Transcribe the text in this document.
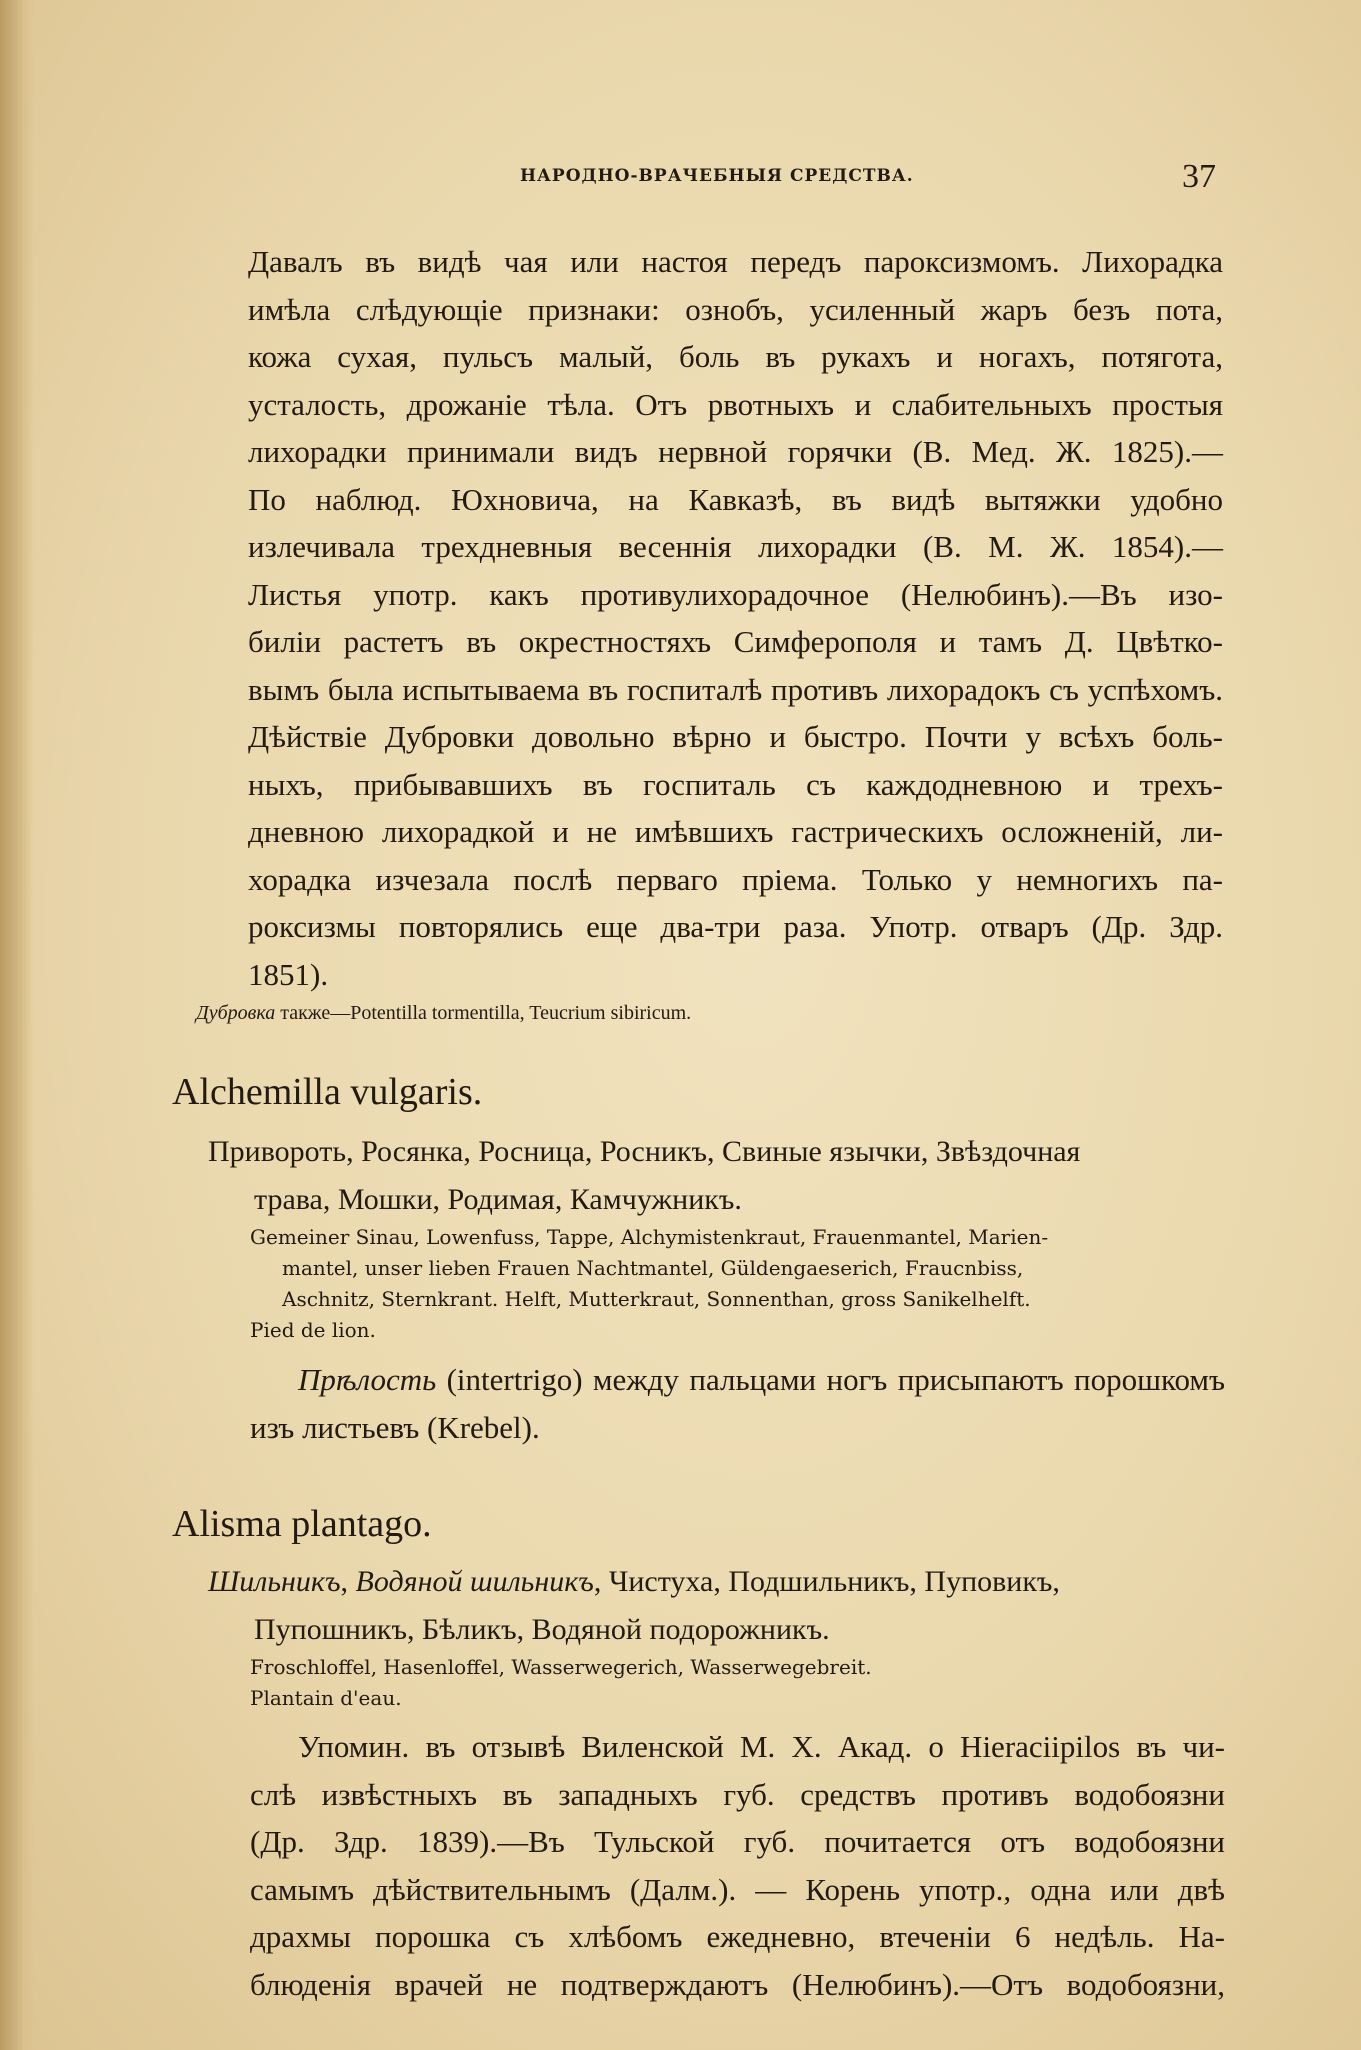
НАРОДНО-ВРАЧЕБНЫЯ СРЕДСТВА.	37
Давалъ въ видѣ чая или настоя передъ пароксизмомъ. Лихорадка
имѣла слѣдующіе признаки: ознобъ, усиленный жаръ безъ пота,
кожа сухая, пульсъ малый, боль въ рукахъ и ногахъ, потягота,
усталость, дрожаніе тѣла. Отъ рвотныхъ и слабительныхъ простыя
лихорадки принимали видъ нервной горячки (В. Мед. Ж. 1825).—
По наблюд. Юхновича, на Кавказѣ, въ видѣ вытяжки удобно
излечивала трехдневныя весеннія лихорадки (В. М. Ж. 1854).—
Листья употр. какъ противулихорадочное (Нелюбинъ).—Въ изо-
биліи растетъ въ окрестностяхъ Симферополя и тамъ Д. Цвѣтко-
вымъ была испытываема въ госпиталѣ противъ лихорадокъ съ успѣхомъ.
Дѣйствіе Дубровки довольно вѣрно и быстро. Почти у всѣхъ боль-
ныхъ, прибывавшихъ въ госпиталь съ каждодневною и трехъ-
дневною лихорадкой и не имѣвшихъ гастрическихъ осложненій, ли-
хорадка изчезала послѣ перваго пріема. Только у немногихъ па-
роксизмы повторялись еще два-три раза. Употр. отваръ (Др. Здр.
1851).
Дубровка также—Potentilla tormentilla, Teucrium sibiricum.
Alchemilla vulgaris.
Привороть, Росянка, Росница, Росникъ, Свиные язычки, Звѣздочная
трава, Мошки, Родимая, Камчужникъ.
Gemeiner Sinau, Lowenfuss, Tappe, Alchymistenkraut, Frauenmantel, Marien-
mantel, unser lieben Frauen Nachtmantel, Güldengaeserich, Fraucnbiss,
Aschnitz, Sternkrant. Helft, Mutterkraut, Sonnenthan, gross Sanikelhelft.
Pied de lion.
Прѣлость (intertrigo) между пальцами ногъ присыпаютъ порошкомъ
изъ листьевъ (Krebel).
Alisma plantago.
Шильникъ, Водяной шильникъ, Чистуха, Подшильникъ, Пуповикъ,
Пупошникъ, Бѣликъ, Водяной подорожникъ.
Froschloffel, Hasenloffel, Wasserwegerich, Wasserwegebreit.
Plantain d'eau.
Упомин. въ отзывѣ Виленской М. X. Акад. о Hieraciipilos въ чи-
слѣ извѣстныхъ въ западныхъ губ. средствъ противъ водобоязни
(Др. Здр. 1839).—Въ Тульской губ. почитается отъ водобоязни
самымъ дѣйствительнымъ (Далм.). — Корень употр., одна или двѣ
драхмы порошка съ хлѣбомъ ежедневно, втеченіи 6 недѣль. На-
блюденія врачей не подтверждаютъ (Нелюбинъ).—Отъ водобоязни,
